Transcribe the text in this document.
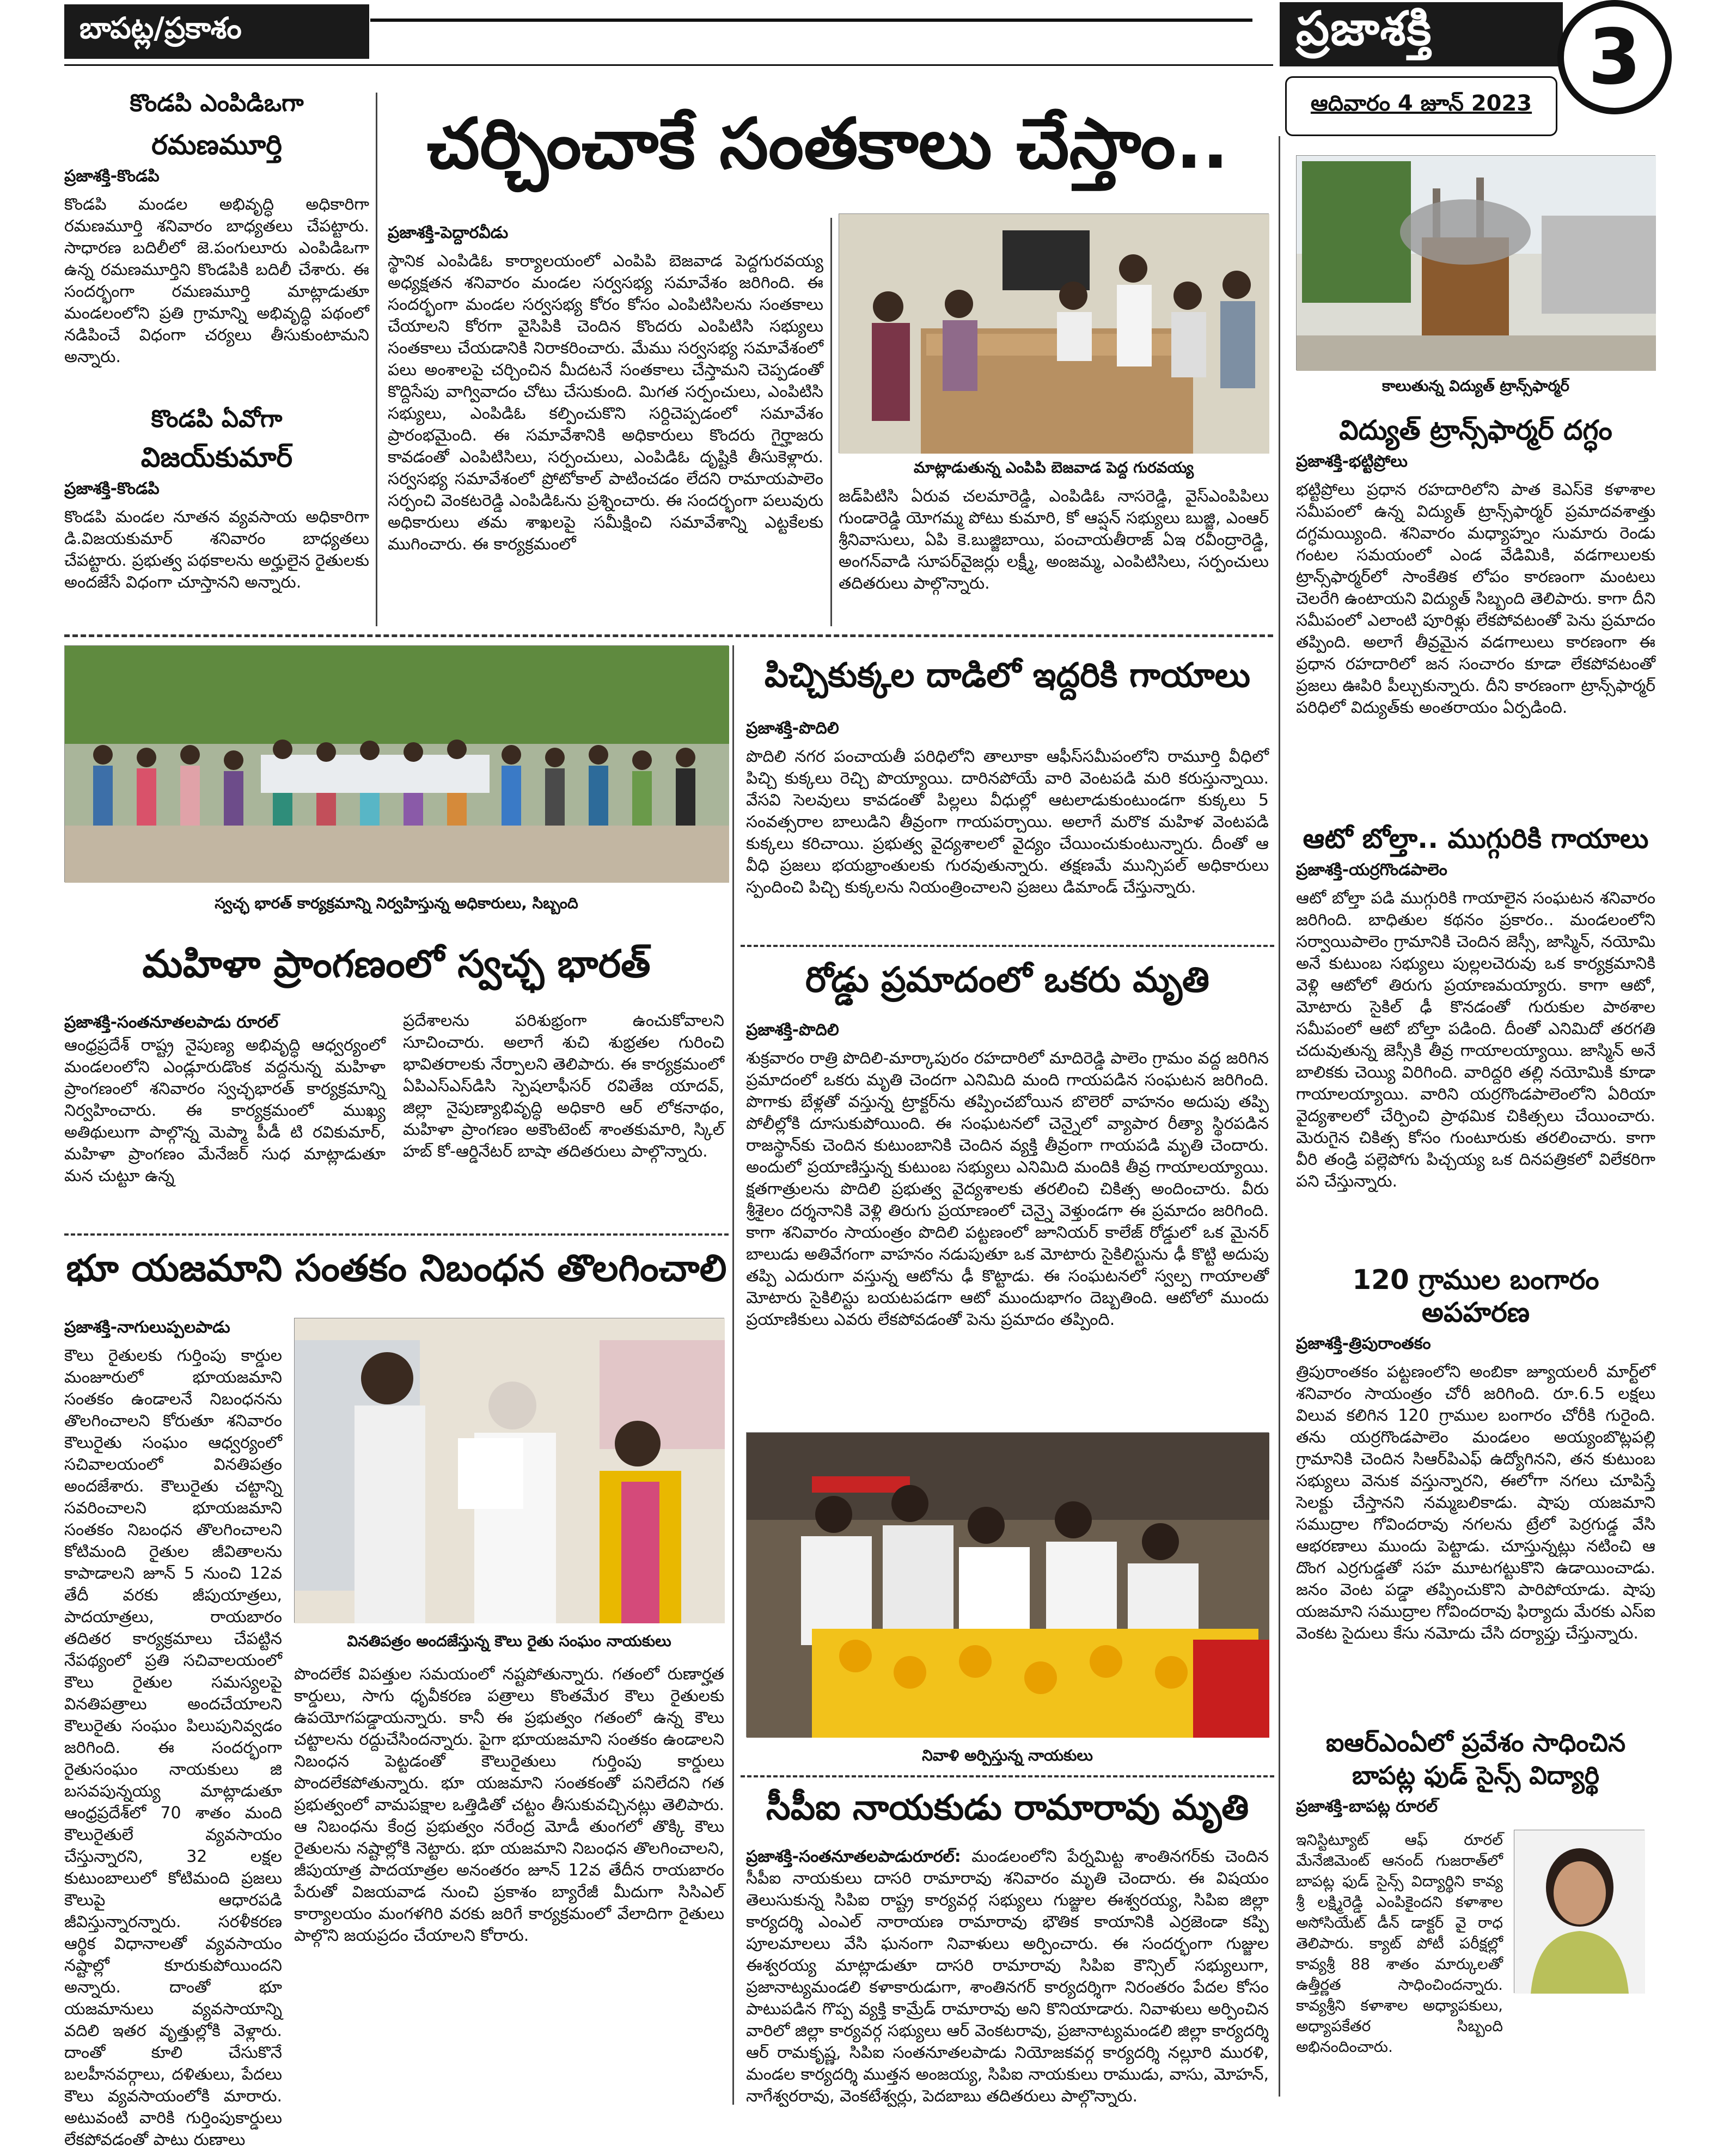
బాపట్ల/ప్రకాశం	ప్రజాశక్తి	3
ఆదివారం 4 జూన్ 2023
కొండపి ఎంపిడిఒగా
రమణమూర్తి
ప్రజాశక్తి-కొండపి
కొండపి మండల అభివృద్ధి అధికారిగా రమణమూర్తి శనివారం బాధ్యతలు చేపట్టారు. సాధారణ బదిలీలో జె.పంగులూరు ఎంపిడిఒగా ఉన్న రమణమూర్తిని కొండపికి బదిలీ చేశారు. ఈ సందర్భంగా రమణమూర్తి మాట్లాడుతూ మండలంలోని ప్రతి గ్రామాన్ని అభివృద్ధి పథంలో నడిపించే విధంగా చర్యలు తీసుకుంటామని అన్నారు.
కొండపి ఏవోగా
విజయ్‌కుమార్
ప్రజాశక్తి-కొండపి
కొండపి మండల నూతన వ్యవసాయ అధికారిగా డి.విజయకుమార్ శనివారం బాధ్యతలు చేపట్టారు. ప్రభుత్వ పథకాలను అర్హులైన రైతులకు అందజేసే విధంగా చూస్తానని అన్నారు.
చర్చించాకే సంతకాలు చేస్తాం..
ప్రజాశక్తి-పెద్దారవీడు
స్థానిక ఎంపిడిఓ కార్యాలయంలో ఎంపిపి బెజవాడ పెద్దగురవయ్య అధ్యక్షతన శనివారం మండల సర్వసభ్య సమావేశం జరిగింది. ఈ సందర్భంగా మండల సర్వసభ్య కోరం కోసం ఎంపిటిసిలను సంతకాలు చేయాలని కోరగా వైసిపికి చెందిన కొందరు ఎంపిటిసి సభ్యులు సంతకాలు చేయడానికి నిరాకరించారు. మేము సర్వసభ్య సమావేశంలో పలు అంశాలపై చర్చించిన మీదటనే సంతకాలు చేస్తామని చెప్పడంతో కొద్దిసేపు వాగ్వివాదం చోటు చేసుకుంది. మిగత సర్పంచులు, ఎంపిటిసి సభ్యులు, ఎంపిడిఓ కల్పించుకొని సర్దిచెప్పడంలో సమావేశం ప్రారంభమైంది. ఈ సమావేశానికి అధికారులు కొందరు గైర్హాజరు కావడంతో ఎంపిటిసిలు, సర్పంచులు, ఎంపిడిఓ దృష్టికి తీసుకెళ్లారు. సర్వసభ్య సమావేశంలో ప్రోటోకాల్ పాటించడం లేదని రామాయపాలెం సర్పంచి వెంకటరెడ్డి ఎంపిడిఓను ప్రశ్నించారు. ఈ సందర్భంగా పలువురు అధికారులు తమ శాఖలపై సమీక్షించి సమావేశాన్ని ఎట్టకేలకు ముగించారు. ఈ కార్యక్రమంలో
మాట్లాడుతున్న ఎంపిపి బెజవాడ పెద్ద గురవయ్య
జడ్‌పిటిసి ఏరువ చలమారెడ్డి, ఎంపిడిఓ నాసరెడ్డి, వైస్‌ఎంపిపిలు గుండారెడ్డి యోగమ్మ పోటు కుమారి, కో ఆప్షన్ సభ్యులు బుజ్జి, ఎంఆర్ శ్రీనివాసులు, ఏపి కె.బుజ్జిబాయి, పంచాయతీరాజ్ ఏఇ రవీంద్రారెడ్డి, అంగన్‌వాడి సూపర్‌వైజర్లు లక్ష్మీ, అంజమ్మ, ఎంపిటిసిలు, సర్పంచులు తదితరులు పాల్గొన్నారు.
కాలుతున్న విద్యుత్ ట్రాన్స్‌ఫార్మర్
విద్యుత్ ట్రాన్స్‌ఫార్మర్ దగ్ధం
ప్రజాశక్తి-భట్టిప్రోలు
భట్టిప్రోలు ప్రధాన రహదారిలోని పాత కెఎస్‌కె కళాశాల సమీపంలో ఉన్న విద్యుత్ ట్రాన్స్‌ఫార్మర్ ప్రమాదవశాత్తు దగ్ధమయ్యింది. శనివారం మధ్యాహ్నం సుమారు రెండు గంటల సమయంలో ఎండ వేడిమికి, వడగాలులకు ట్రాన్స్‌ఫార్మర్‌లో సాంకేతిక లోపం కారణంగా మంటలు చెలరేగి ఉంటాయని విద్యుత్ సిబ్బంది తెలిపారు. కాగా దీని సమీపంలో ఎలాంటి పూరిళ్లు లేకపోవటంతో పెను ప్రమాదం తప్పింది. అలాగే తీవ్రమైన వడగాలులు కారణంగా ఈ ప్రధాన రహదారిలో జన సంచారం కూడా లేకపోవటంతో ప్రజలు ఊపిరి పీల్చుకున్నారు. దీని కారణంగా ట్రాన్స్‌ఫార్మర్ పరిధిలో విద్యుత్‌కు అంతరాయం ఏర్పడింది.
ఆటో బోల్తా.. ముగ్గురికి గాయాలు
ప్రజాశక్తి-యర్రగొండపాలెం
ఆటో బోల్తా పడి ముగ్గురికి గాయాలైన సంఘటన శనివారం జరిగింది. బాధితుల కథనం ప్రకారం.. మండలంలోని సర్వాయిపాలెం గ్రామానికి చెందిన జెస్సీ, జాస్మిన్, నయోమి అనే కుటుంబ సభ్యులు పుల్లలచెరువు ఒక కార్యక్రమానికి వెళ్లి ఆటోలో తిరుగు ప్రయాణమయ్యారు. కాగా ఆటో, మోటారు సైకిల్ ఢీ కొనడంతో గురుకుల పాఠశాల సమీపంలో ఆటో బోల్తా పడింది. దీంతో ఎనిమిదో తరగతి చదువుతున్న జెస్సీకి తీవ్ర గాయాలయ్యాయి. జాస్మిన్ అనే బాలికకు చెయ్యి విరిగింది. వారిద్దరి తల్లి నయోమికి కూడా గాయాలయ్యాయి. వారిని యర్రగొండపాలెంలోని ఏరియా వైద్యశాలలో చేర్పించి ప్రాథమిక చికిత్సలు చేయించారు. మెరుగైన చికిత్స కోసం గుంటూరుకు తరలించారు. కాగా వీరి తండ్రి పల్లెపోగు పిచ్చయ్య ఒక దినపత్రికలో విలేకరిగా పని చేస్తున్నారు.
120 గ్రాముల బంగారం అపహరణ
ప్రజాశక్తి-త్రిపురాంతకం
త్రిపురాంతకం పట్టణంలోని అంబికా జ్యూయలరీ మార్ట్‌లో శనివారం సాయంత్రం చోరీ జరిగింది. రూ.6.5 లక్షలు విలువ కలిగిన 120 గ్రాముల బంగారం చోరీకి గురైంది. తను యర్రగొండపాలెం మండలం అయ్యంబొట్లపల్లి గ్రామానికి చెందిన సిఆర్‌పిఎఫ్ ఉద్యోగినని, తన కుటుంబ సభ్యులు వెనుక వస్తున్నారని, ఈలోగా నగలు చూపిస్తే సెలక్టు చేస్తానని నమ్మబలికాడు. షాపు యజమాని సముద్రాల గోవిందరావు నగలను ట్రేలో పెర్రగుడ్డ వేసి ఆభరణాలు ముందు పెట్టాడు. చూస్తున్నట్లు నటించి ఆ దొంగ ఎర్రగుడ్డతో సహ మూటగట్టుకొని ఉడాయించాడు. జనం వెంట పడ్డా తప్పించుకొని పారిపోయాడు. షాపు యజమాని సముద్రాల గోవిందరావు ఫిర్యాదు మేరకు ఎస్‌ఐ వెంకట సైదులు కేసు నమోదు చేసి దర్యాప్తు చేస్తున్నారు.
ఐఆర్‌ఎంఏలో ప్రవేశం సాధించిన
బాపట్ల ఫుడ్ సైన్స్ విద్యార్థి
ప్రజాశక్తి-బాపట్ల రూరల్
ఇనిస్టిట్యూట్ ఆఫ్ రూరల్ మేనేజిమెంట్ ఆనంద్ గుజరాత్‌లో బాపట్ల ఫుడ్ సైన్స్ విద్యార్థిని కావ్య శ్రీ లక్ష్మిరెడ్డి ఎంపికైందని కళాశాల అసోసియేట్ డీన్ డాక్టర్ వై రాధ తెలిపారు. క్యాట్ పోటీ పరీక్షల్లో కావ్యశ్రీ 88 శాతం మార్కులతో ఉత్తీర్ణత సాధించిందన్నారు. కావ్యశ్రీని కళాశాల అధ్యాపకులు, అధ్యాపకేతర సిబ్బంది అభినందించారు.
స్వచ్ఛ భారత్ కార్యక్రమాన్ని నిర్వహిస్తున్న అధికారులు, సిబ్బంది
మహిళా ప్రాంగణంలో స్వచ్ఛ భారత్
ప్రజాశక్తి-సంతనూతలపాడు రూరల్
ఆంధ్రప్రదేశ్ రాష్ట్ర నైపుణ్య అభివృద్ధి ఆధ్వర్యంలో మండలంలోని ఎండ్లూరుడొంక వద్దనున్న మహిళా ప్రాంగణంలో శనివారం స్వచ్ఛభారత్ కార్యక్రమాన్ని నిర్వహించారు. ఈ కార్యక్రమంలో ముఖ్య అతిథులుగా పాల్గొన్న మెప్మా పీడీ టి రవికుమార్, మహిళా ప్రాంగణం మేనేజర్ సుధ మాట్లాడుతూ మన చుట్టూ ఉన్న
ప్రదేశాలను పరిశుభ్రంగా ఉంచుకోవాలని సూచించారు. అలాగే శుచి శుభ్రతల గురించి భావితరాలకు నేర్పాలని తెలిపారు. ఈ కార్యక్రమంలో ఏపిఎస్‌ఎస్‌డిసి స్పెషలాఫీసర్ రవితేజ యాదవ్, జిల్లా నైపుణ్యాభివృద్ధి అధికారి ఆర్ లోకనాథం, మహిళా ప్రాంగణం అకౌంటెంట్ శాంతకుమారి, స్కిల్ హబ్ కో-ఆర్డినేటర్ బాషా తదితరులు పాల్గొన్నారు.
భూ యజమాని సంతకం నిబంధన తొలగించాలి
ప్రజాశక్తి-నాగులుప్పలపాడు
కౌలు రైతులకు గుర్తింపు కార్డుల మంజూరులో భూయజమాని సంతకం ఉండాలనే నిబంధనను తొలగించాలని కోరుతూ శనివారం కౌలురైతు సంఘం ఆధ్వర్యంలో సచివాలయంలో వినతిపత్రం అందజేశారు. కౌలురైతు చట్టాన్ని సవరించాలని భూయజమాని సంతకం నిబంధన తొలగించాలని కోటిమంది రైతుల జీవితాలను కాపాడాలని జూన్ 5 నుంచి 12వ తేదీ వరకు జీపుయాత్రలు, పాదయాత్రలు, రాయబారం తదితర కార్యక్రమాలు చేపట్టిన నేపథ్యంలో ప్రతి సచివాలయంలో కౌలు రైతుల సమస్యలపై వినతిపత్రాలు అందచేయాలని కౌలురైతు సంఘం పిలుపునివ్వడం జరిగింది. ఈ సందర్భంగా రైతుసంఘం నాయకులు జి బసవపున్నయ్య మాట్లాడుతూ ఆంధ్రప్రదేశ్‌లో 70 శాతం మంది కౌలురైతులే వ్యవసాయం చేస్తున్నారని, 32 లక్షల కుటుంబాలులో కోటిమంది ప్రజలు కౌలుపై ఆధారపడి జీవిస్తున్నారన్నారు. సరళీకరణ ఆర్థిక విధానాలతో వ్యవసాయం నష్టాల్లో కూరుకుపోయిందని అన్నారు. దాంతో భూ యజమానులు వ్యవసాయాన్ని వదిలి ఇతర వృత్తుల్లోకి వెళ్లారు. దాంతో కూలి చేసుకొనే బలహీనవర్గాలు, దళితులు, పేదలు కౌలు వ్యవసాయంలోకి మారారు. అటువంటి వారికి గుర్తింపుకార్డులు లేకపోవడంతో పాటు రుణాలు
వినతిపత్రం అందజేస్తున్న కౌలు రైతు సంఘం నాయకులు
పొందలేక విపత్తుల సమయంలో నష్టపోతున్నారు. గతంలో రుణార్హత కార్డులు, సాగు ధృవీకరణ పత్రాలు కొంతమేర కౌలు రైతులకు ఉపయోగపడ్డాయన్నారు. కానీ ఈ ప్రభుత్వం గతంలో ఉన్న కౌలు చట్టాలను రద్దుచేసిందన్నారు. పైగా భూయజమాని సంతకం ఉండాలని నిబంధన పెట్టడంతో కౌలురైతులు గుర్తింపు కార్డులు పొందలేకపోతున్నారు. భూ యజమాని సంతకంతో పనిలేదని గత ప్రభుత్వంలో వామపక్షాల ఒత్తిడితో చట్టం తీసుకువచ్చినట్లు తెలిపారు. ఆ నిబంధను కేంద్ర ప్రభుత్వం నరేంద్ర మోడీ తుంగలో తొక్కి కౌలు రైతులను నష్టాల్లోకి నెట్టారు. భూ యజమాని నిబంధన తొలగించాలని, జీపుయాత్ర పాదయాత్రల అనంతరం జూన్ 12వ తేదీన రాయబారం పేరుతో విజయవాడ నుంచి ప్రకాశం బ్యారేజీ మీదుగా సిసిఎల్ కార్యాలయం మంగళగిరి వరకు జరిగే కార్యక్రమంలో వేలాదిగా రైతులు పాల్గొని జయప్రదం చేయాలని కోరారు.
పిచ్చికుక్కల దాడిలో ఇద్దరికి గాయాలు
ప్రజాశక్తి-పొదిలి
పొదిలి నగర పంచాయతీ పరిధిలోని తాలూకా ఆఫీస్‌సమీపంలోని రామూర్తి వీధిలో పిచ్చి కుక్కలు రెచ్చి పొయ్యాయి. దారినపోయే వారి వెంటపడి మరి కరుస్తున్నాయి. వేసవి సెలవులు కావడంతో పిల్లలు వీధుల్లో ఆటలాడుకుంటుండగా కుక్కలు 5 సంవత్సరాల బాలుడిని తీవ్రంగా గాయపర్చాయి. అలాగే మరొక మహిళ వెంటపడి కుక్కలు కరిచాయి. ప్రభుత్వ వైద్యశాలలో వైద్యం చేయించుకుంటున్నారు. దీంతో ఆ వీధి ప్రజలు భయభ్రాంతులకు గురవుతున్నారు. తక్షణమే మున్సిపల్ అధికారులు స్పందించి పిచ్చి కుక్కలను నియంత్రించాలని ప్రజలు డిమాండ్ చేస్తున్నారు.
రోడ్డు ప్రమాదంలో ఒకరు మృతి
ప్రజాశక్తి-పొదిలి
శుక్రవారం రాత్రి పొదిలి-మార్కాపురం రహదారిలో మాదిరెడ్డి పాలెం గ్రామం వద్ద జరిగిన ప్రమాదంలో ఒకరు మృతి చెందగా ఎనిమిది మంది గాయపడిన సంఘటన జరిగింది. పొగాకు బేళ్లతో వస్తున్న ట్రాక్టర్‌ను తప్పించబోయిన బొలెరో వాహనం అదుపు తప్పి పోలీల్లోకి దూసుకుపోయింది. ఈ సంఘటనలో చెన్నైలో వ్యాపార రీత్యా స్థిరపడిన రాజస్థాన్‌కు చెందిన కుటుంబానికి చెందిన వ్యక్తి తీవ్రంగా గాయపడి మృతి చెందారు. అందులో ప్రయాణిస్తున్న కుటుంబ సభ్యులు ఎనిమిది మందికి తీవ్ర గాయాలయ్యాయి. క్షతగాత్రులను పొదిలి ప్రభుత్వ వైద్యశాలకు తరలించి చికిత్స అందించారు. వీరు శ్రీశైలం దర్శనానికి వెళ్లి తిరుగు ప్రయాణంలో చెన్నై వెళ్తుండగా ఈ ప్రమాదం జరిగింది. కాగా శనివారం సాయంత్రం పొదిలి పట్టణంలో జూనియర్ కాలేజ్ రోడ్డులో ఒక మైనర్ బాలుడు అతివేగంగా వాహనం నడుపుతూ ఒక మోటారు సైకిలిస్టును ఢీ కొట్టి అదుపు తప్పి ఎదురుగా వస్తున్న ఆటోను ఢీ కొట్టాడు. ఈ సంఘటనలో స్వల్ప గాయాలతో మోటారు సైకిలిస్టు బయటపడగా ఆటో ముందుభాగం దెబ్బతింది. ఆటోలో ముందు ప్రయాణికులు ఎవరు లేకపోవడంతో పెను ప్రమాదం తప్పింది.
నివాళి అర్పిస్తున్న నాయకులు
సీపీఐ నాయకుడు రామారావు మృతి
ప్రజాశక్తి-సంతనూతలపాడురూరల్: మండలంలోని పేర్నమిట్ట శాంతినగర్‌కు చెందిన సీపీఐ నాయకులు దాసరి రామారావు శనివారం మృతి చెందారు. ఈ విషయం తెలుసుకున్న సిపిఐ రాష్ట్ర కార్యవర్గ సభ్యులు గుజ్జుల ఈశ్వరయ్య, సిపిఐ జిల్లా కార్యదర్శి ఎంఎల్ నారాయణ రామారావు భౌతిక కాయానికి ఎర్రజెండా కప్పి పూలమాలలు వేసి ఘనంగా నివాళులు అర్పించారు. ఈ సందర్భంగా గుజ్జుల ఈశ్వరయ్య మాట్లాడుతూ దాసరి రామారావు సిపిఐ కౌన్సిల్ సభ్యులుగా, ప్రజానాట్యమండలి కళాకారుడుగా, శాంతినగర్ కార్యదర్శిగా నిరంతరం పేదల కోసం పాటుపడిన గొప్ప వ్యక్తి కామ్రేడ్ రామారావు అని కొనియాడారు. నివాళులు అర్పించిన వారిలో జిల్లా కార్యవర్గ సభ్యులు ఆర్ వెంకటరావు, ప్రజానాట్యమండలి జిల్లా కార్యదర్శి ఆర్ రామకృష్ణ, సిపిఐ సంతనూతలపాడు నియోజకవర్గ కార్యదర్శి నల్లూరి మురళి, మండల కార్యదర్శి ముత్తన అంజయ్య, సిపిఐ నాయకులు రాముడు, వాసు, మోహన్, నాగేశ్వరరావు, వెంకటేశ్వర్లు, పెదబాబు తదితరులు పాల్గొన్నారు.
